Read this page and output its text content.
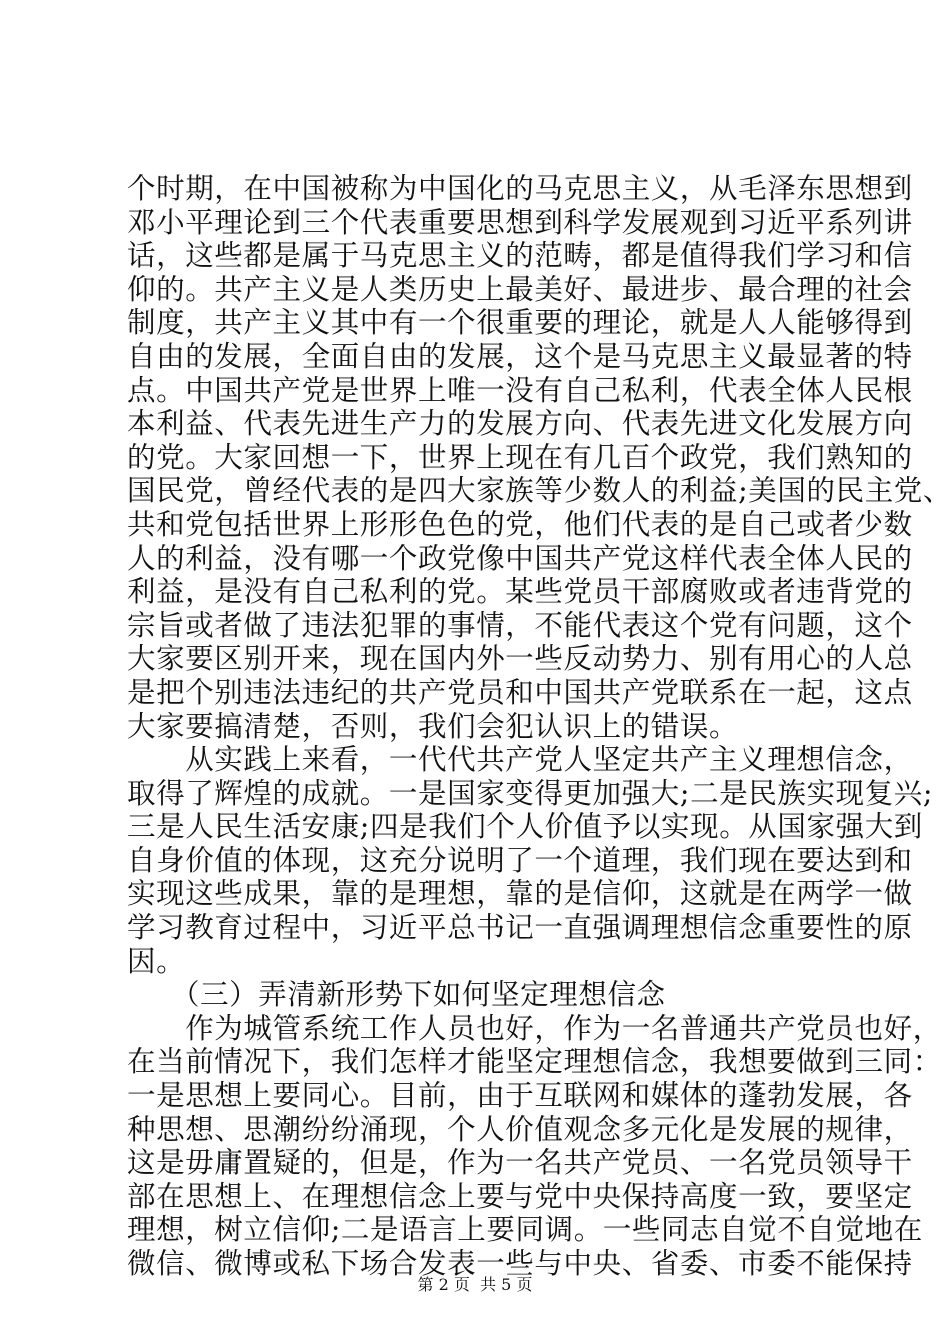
个时期，在中国被称为中国化的马克思主义，从毛泽东思想到
邓小平理论到三个代表重要思想到科学发展观到习近平系列讲
话，这些都是属于马克思主义的范畴，都是值得我们学习和信
仰的。共产主义是人类历史上最美好、最进步、最合理的社会
制度，共产主义其中有一个很重要的理论，就是人人能够得到
自由的发展，全面自由的发展，这个是马克思主义最显著的特
点。中国共产党是世界上唯一没有自己私利，代表全体人民根
本利益、代表先进生产力的发展方向、代表先进文化发展方向
的党。大家回想一下，世界上现在有几百个政党，我们熟知的
国民党，曾经代表的是四大家族等少数人的利益;美国的民主党、
共和党包括世界上形形色色的党，他们代表的是自己或者少数
人的利益，没有哪一个政党像中国共产党这样代表全体人民的
利益，是没有自己私利的党。某些党员干部腐败或者违背党的
宗旨或者做了违法犯罪的事情，不能代表这个党有问题，这个
大家要区别开来，现在国内外一些反动势力、别有用心的人总
是把个别违法违纪的共产党员和中国共产党联系在一起，这点
大家要搞清楚，否则，我们会犯认识上的错误。
　　从实践上来看，一代代共产党人坚定共产主义理想信念，
取得了辉煌的成就。一是国家变得更加强大;二是民族实现复兴;
三是人民生活安康;四是我们个人价值予以实现。从国家强大到
自身价值的体现，这充分说明了一个道理，我们现在要达到和
实现这些成果，靠的是理想，靠的是信仰，这就是在两学一做
学习教育过程中，习近平总书记一直强调理想信念重要性的原
因。
　　（三）弄清新形势下如何坚定理想信念
　　作为城管系统工作人员也好，作为一名普通共产党员也好，
在当前情况下，我们怎样才能坚定理想信念，我想要做到三同：
一是思想上要同心。目前，由于互联网和媒体的蓬勃发展，各
种思想、思潮纷纷涌现，个人价值观念多元化是发展的规律，
这是毋庸置疑的，但是，作为一名共产党员、一名党员领导干
部在思想上、在理想信念上要与党中央保持高度一致，要坚定
理想，树立信仰;二是语言上要同调。一些同志自觉不自觉地在
微信、微博或私下场合发表一些与中央、省委、市委不能保持
第 2 页  共 5 页
